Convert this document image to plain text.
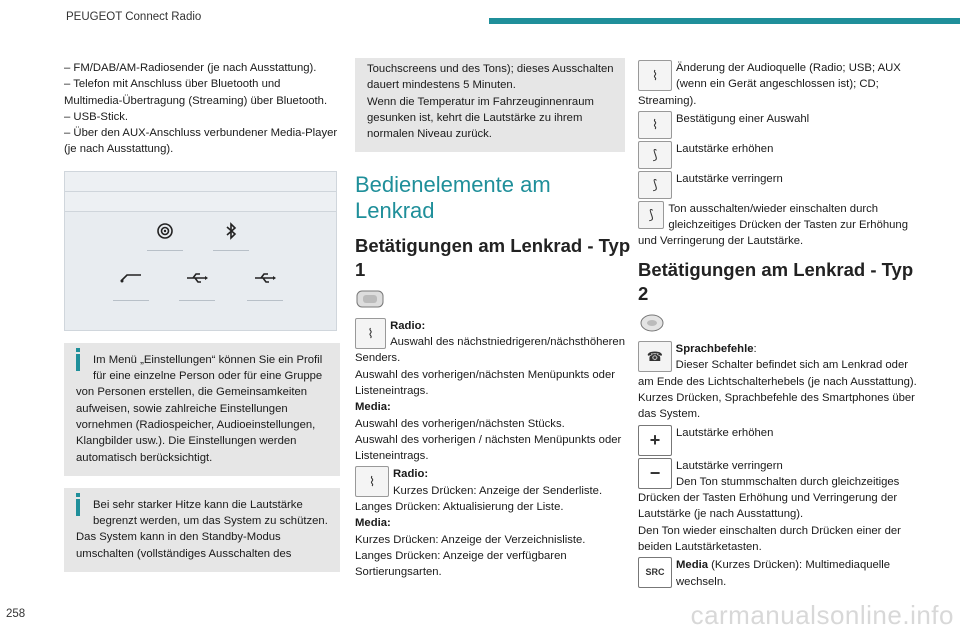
PEUGEOT Connect Radio
– FM/DAB/AM-Radiosender (je nach Ausstattung).
– Telefon mit Anschluss über Bluetooth und
Multimedia-Übertragung (Streaming) über Bluetooth.
– USB-Stick.
– Über den AUX-Anschluss verbundener Media-Player
(je nach Ausstattung).
Im Menü „Einstellungen“ können Sie ein Profil
für eine einzelne Person oder für eine Gruppe
von Personen erstellen, die Gemeinsamkeiten
aufweisen, sowie zahlreiche Einstellungen
vornehmen (Radiospeicher, Audioeinstellungen,
Klangbilder usw.). Die Einstellungen werden
automatisch berücksichtigt.
Bei sehr starker Hitze kann die Lautstärke
begrenzt werden, um das System zu schützen.
Das System kann in den Standby-Modus
umschalten (vollständiges Ausschalten des
Touchscreens und des Tons); dieses Ausschalten
dauert mindestens 5 Minuten.
Wenn die Temperatur im Fahrzeuginnenraum
gesunken ist, kehrt die Lautstärke zu ihrem
normalen Niveau zurück.
Bedienelemente am Lenkrad
Betätigungen am Lenkrad - Typ
1
⌇	Radio:
Auswahl des nächstniedrigeren/nächsthöheren
Senders.
Auswahl des vorherigen/nächsten Menüpunkts oder
Listeneintrags.
Media:
Auswahl des vorherigen/nächsten Stücks.
Auswahl des vorherigen / nächsten Menüpunkts oder
Listeneintrags.
⌇	Radio:
Kurzes Drücken: Anzeige der Senderliste.
Langes Drücken: Aktualisierung der Liste.
Media:
Kurzes Drücken: Anzeige der Verzeichnisliste.
Langes Drücken: Anzeige der verfügbaren
Sortierungsarten.
⌇	Änderung der Audioquelle (Radio; USB; AUX
(wenn ein Gerät angeschlossen ist); CD;
Streaming).
⌇	Bestätigung einer Auswahl
⟆	Lautstärke erhöhen
⟆	Lautstärke verringern
⟆	Ton ausschalten/wieder einschalten durch
gleichzeitiges Drücken der Tasten zur Erhöhung
und Verringerung der Lautstärke.
Betätigungen am Lenkrad - Typ
2
☎	Sprachbefehle:
Dieser Schalter befindet sich am Lenkrad oder
am Ende des Lichtschalterhebels (je nach Ausstattung).
Kurzes Drücken, Sprachbefehle des Smartphones über
das System.
+	Lautstärke erhöhen
−	Lautstärke verringern
Den Ton stummschalten durch gleichzeitiges
Drücken der Tasten Erhöhung und Verringerung der
Lautstärke (je nach Ausstattung).
Den Ton wieder einschalten durch Drücken einer der
beiden Lautstärketasten.
SRC
Media (Kurzes Drücken): Multimediaquelle
wechseln.
258	carmanualsonline.info
